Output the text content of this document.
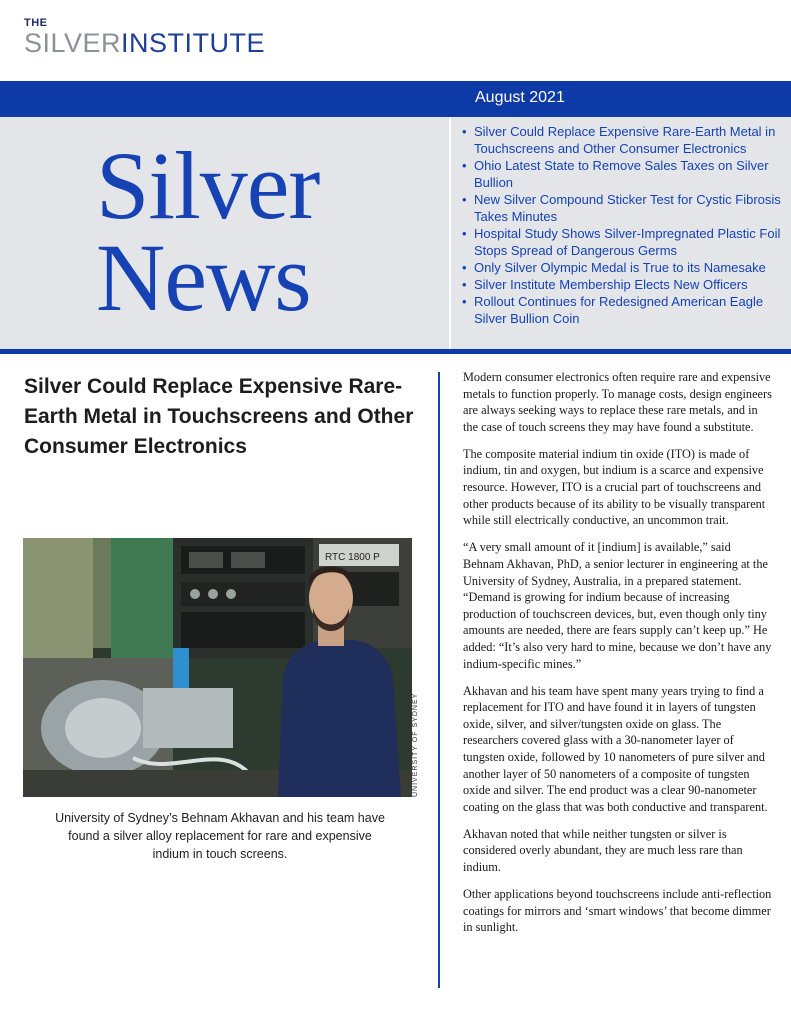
THE
SILVERINSTITUTE
August 2021
Silver
News
• Silver Could Replace Expensive Rare-Earth Metal in Touchscreens and Other Consumer Electronics
• Ohio Latest State to Remove Sales Taxes on Silver Bullion
• New Silver Compound Sticker Test for Cystic Fibrosis Takes Minutes
• Hospital Study Shows Silver-Impregnated Plastic Foil Stops Spread of Dangerous Germs
• Only Silver Olympic Medal is True to its Namesake
• Silver Institute Membership Elects New Officers
• Rollout Continues for Redesigned American Eagle Silver Bullion Coin
Silver Could Replace Expensive Rare-Earth Metal in Touchscreens and Other Consumer Electronics
RTC 1800 P
UNIVERSITY OF SYDNEY

University of Sydney’s Behnam Akhavan and his team have found a silver alloy replacement for rare and expensive indium in touch screens.

Modern consumer electronics often require rare and expensive metals to function properly. To manage costs, design engineers are always seeking ways to replace these rare metals, and in the case of touch screens they may have found a substitute.

The composite material indium tin oxide (ITO) is made of indium, tin and oxygen, but indium is a scarce and expensive resource. However, ITO is a crucial part of touchscreens and other products because of its ability to be visually transparent while still electrically conductive, an uncommon trait.

“A very small amount of it [indium] is available,” said Behnam Akhavan, PhD, a senior lecturer in engineering at the University of Sydney, Australia, in a prepared statement. “Demand is growing for indium because of increasing production of touchscreen devices, but, even though only tiny amounts are needed, there are fears supply can’t keep up.” He added: “It’s also very hard to mine, because we don’t have any indium-specific mines.”

Akhavan and his team have spent many years trying to find a replacement for ITO and have found it in layers of tungsten oxide, silver, and silver/tungsten oxide on glass. The researchers covered glass with a 30-nanometer layer of tungsten oxide, followed by 10 nanometers of pure silver and another layer of 50 nanometers of a composite of tungsten oxide and silver. The end product was a clear 90-nanometer coating on the glass that was both conductive and transparent.

Akhavan noted that while neither tungsten or silver is considered overly abundant, they are much less rare than indium.

Other applications beyond touchscreens include anti-reflection coatings for mirrors and ‘smart windows’ that become dimmer in sunlight.
